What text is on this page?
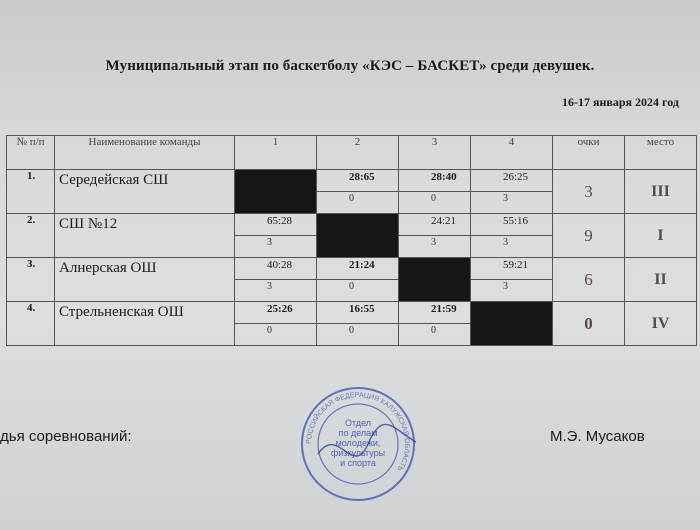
Муниципальный этап по баскетболу «КЭС – БАСКЕТ» среди девушек.
16-17 января 2024 год
№ п/п	Наименование команды	1	2	3	4	очки	место
1.	Середейская СШ		28:65	28:40	26:25	3	III
			0	0	3		
2.	СШ №12	65:28		24:21	55:16	9	I
		3		3	3		
3.	Алнерская ОШ	40:28	21:24		59:21	6	II
		3	0		3		
4.	Стрельненская ОШ	25:26	16:55	21:59		0	IV
		0	0	0			
дья соревнований:	М.Э. Мусаков
РОССИЙСКАЯ ФЕДЕРАЦИЯ КАЛУЖСКАЯ ОБЛАСТЬ
Отдел
по делам
молодежи,
физкультуры
и спорта
